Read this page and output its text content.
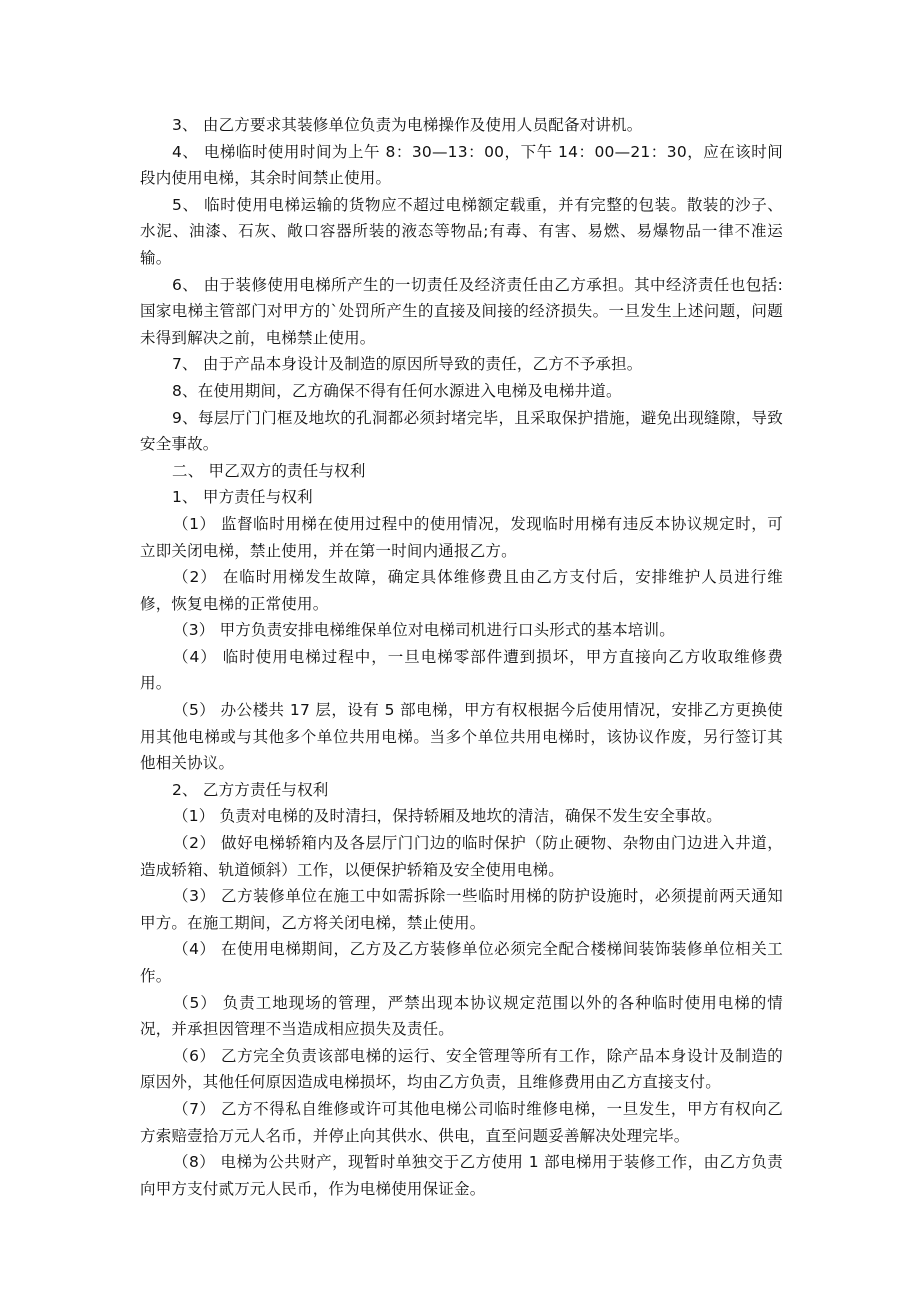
3、 由乙方要求其装修单位负责为电梯操作及使用人员配备对讲机。

4、 电梯临时使用时间为上午 8：30—13：00，下午 14：00—21：30，应在该时间段内使用电梯，其余时间禁止使用。

5、 临时使用电梯运输的货物应不超过电梯额定载重，并有完整的包装。散装的沙子、水泥、油漆、石灰、敞口容器所装的液态等物品;有毒、有害、易燃、易爆物品一律不准运输。

6、 由于装修使用电梯所产生的一切责任及经济责任由乙方承担。其中经济责任也包括:国家电梯主管部门对甲方的`处罚所产生的直接及间接的经济损失。一旦发生上述问题，问题未得到解决之前，电梯禁止使用。

7、 由于产品本身设计及制造的原因所导致的责任，乙方不予承担。

8、在使用期间，乙方确保不得有任何水源进入电梯及电梯井道。

9、每层厅门门框及地坎的孔洞都必须封堵完毕，且采取保护措施，避免出现缝隙，导致安全事故。

二、 甲乙双方的责任与权利

1、 甲方责任与权利

（1） 监督临时用梯在使用过程中的使用情况，发现临时用梯有违反本协议规定时，可立即关闭电梯，禁止使用，并在第一时间内通报乙方。

（2） 在临时用梯发生故障，确定具体维修费且由乙方支付后，安排维护人员进行维修，恢复电梯的正常使用。

（3） 甲方负责安排电梯维保单位对电梯司机进行口头形式的基本培训。

（4） 临时使用电梯过程中，一旦电梯零部件遭到损坏，甲方直接向乙方收取维修费用。

（5） 办公楼共 17 层，设有 5 部电梯，甲方有权根据今后使用情况，安排乙方更换使用其他电梯或与其他多个单位共用电梯。当多个单位共用电梯时，该协议作废，另行签订其他相关协议。

2、 乙方方责任与权利

（1） 负责对电梯的及时清扫，保持轿厢及地坎的清洁，确保不发生安全事故。

（2） 做好电梯轿箱内及各层厅门门边的临时保护（防止硬物、杂物由门边进入井道，造成轿箱、轨道倾斜）工作，以便保护轿箱及安全使用电梯。

（3） 乙方装修单位在施工中如需拆除一些临时用梯的防护设施时，必须提前两天通知甲方。在施工期间，乙方将关闭电梯，禁止使用。

（4） 在使用电梯期间，乙方及乙方装修单位必须完全配合楼梯间装饰装修单位相关工作。

（5） 负责工地现场的管理，严禁出现本协议规定范围以外的各种临时使用电梯的情况，并承担因管理不当造成相应损失及责任。

（6） 乙方完全负责该部电梯的运行、安全管理等所有工作，除产品本身设计及制造的原因外，其他任何原因造成电梯损坏，均由乙方负责，且维修费用由乙方直接支付。

（7） 乙方不得私自维修或许可其他电梯公司临时维修电梯，一旦发生，甲方有权向乙方索赔壹拾万元人名币，并停止向其供水、供电，直至问题妥善解决处理完毕。

（8） 电梯为公共财产，现暂时单独交于乙方使用 1 部电梯用于装修工作，由乙方负责向甲方支付贰万元人民币，作为电梯使用保证金。
